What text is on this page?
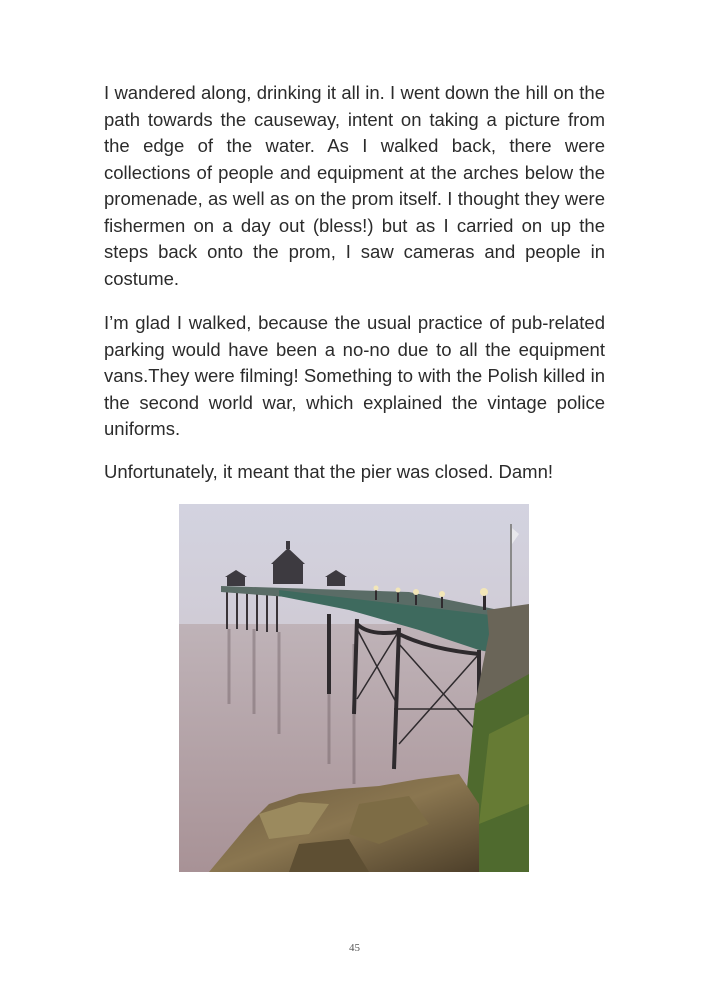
I wandered along, drinking it all in. I went down the hill on the path towards the causeway, intent on taking a picture from the edge of the water. As I walked back, there were collections of people and equipment at the arches below the promenade, as well as on the prom itself. I thought they were fishermen on a day out (bless!) but as I carried on up the steps back onto the prom, I saw cameras and people in costume.

I’m glad I walked, because the usual practice of pub-related parking would have been a no-no due to all the equipment vans.They were filming! Something to with the Polish killed in the second world war, which explained the vintage police uniforms.

Unfortunately, it meant that the pier was closed. Damn!

45
